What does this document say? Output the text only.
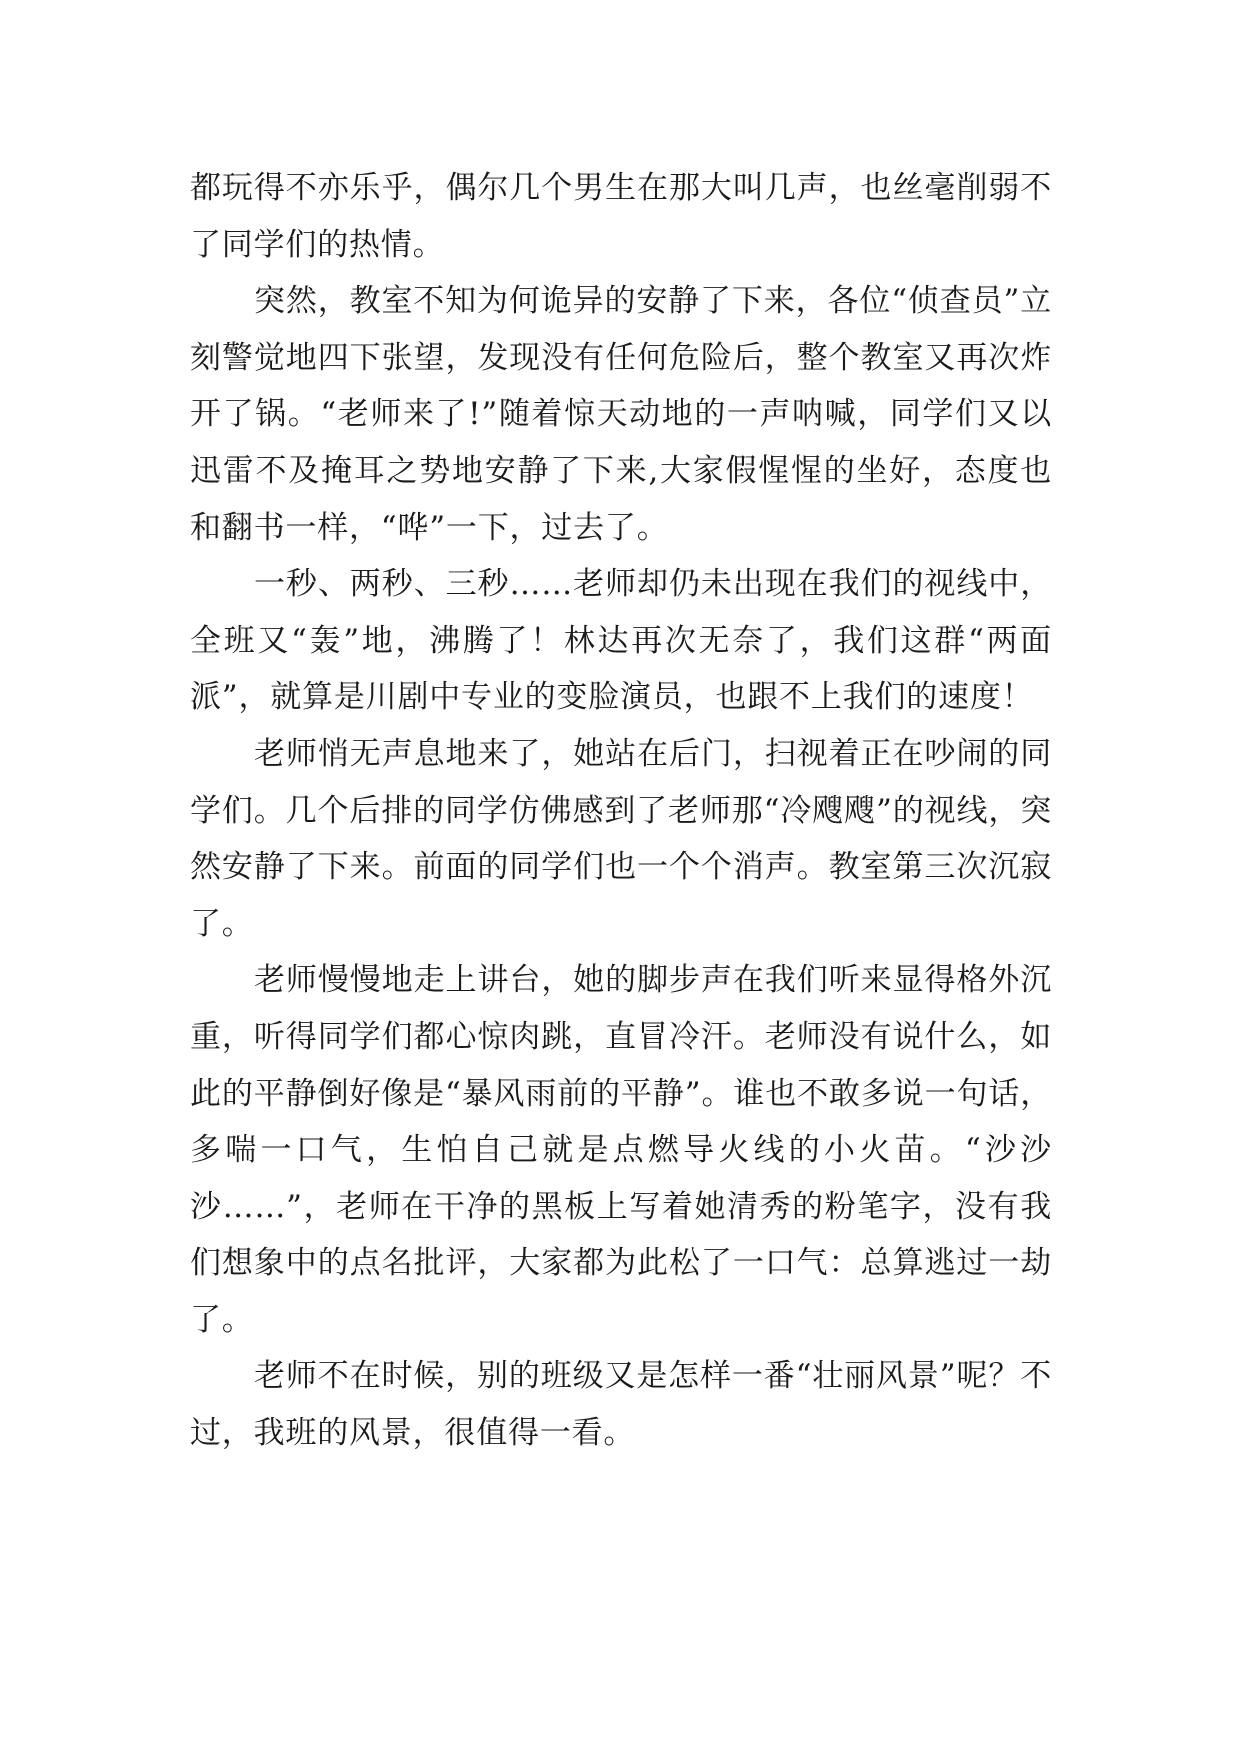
都玩得不亦乐乎，偶尔几个男生在那大叫几声，也丝毫削弱不了同学们的热情。

突然，教室不知为何诡异的安静了下来，各位“侦查员”立刻警觉地四下张望，发现没有任何危险后，整个教室又再次炸开了锅。“老师来了!”随着惊天动地的一声呐喊，同学们又以迅雷不及掩耳之势地安静了下来,大家假惺惺的坐好，态度也和翻书一样，“哗”一下，过去了。

一秒、两秒、三秒……老师却仍未出现在我们的视线中，全班又“轰”地，沸腾了！林达再次无奈了，我们这群“两面派”，就算是川剧中专业的变脸演员，也跟不上我们的速度！

老师悄无声息地来了，她站在后门，扫视着正在吵闹的同学们。几个后排的同学仿佛感到了老师那“冷飕飕”的视线，突然安静了下来。前面的同学们也一个个消声。教室第三次沉寂了。

老师慢慢地走上讲台，她的脚步声在我们听来显得格外沉重，听得同学们都心惊肉跳，直冒冷汗。老师没有说什么，如此的平静倒好像是“暴风雨前的平静”。谁也不敢多说一句话，多喘一口气，生怕自己就是点燃导火线的小火苗。“沙沙沙……”，老师在干净的黑板上写着她清秀的粉笔字，没有我们想象中的点名批评，大家都为此松了一口气：总算逃过一劫了。

老师不在时候，别的班级又是怎样一番“壮丽风景”呢？不过，我班的风景，很值得一看。
